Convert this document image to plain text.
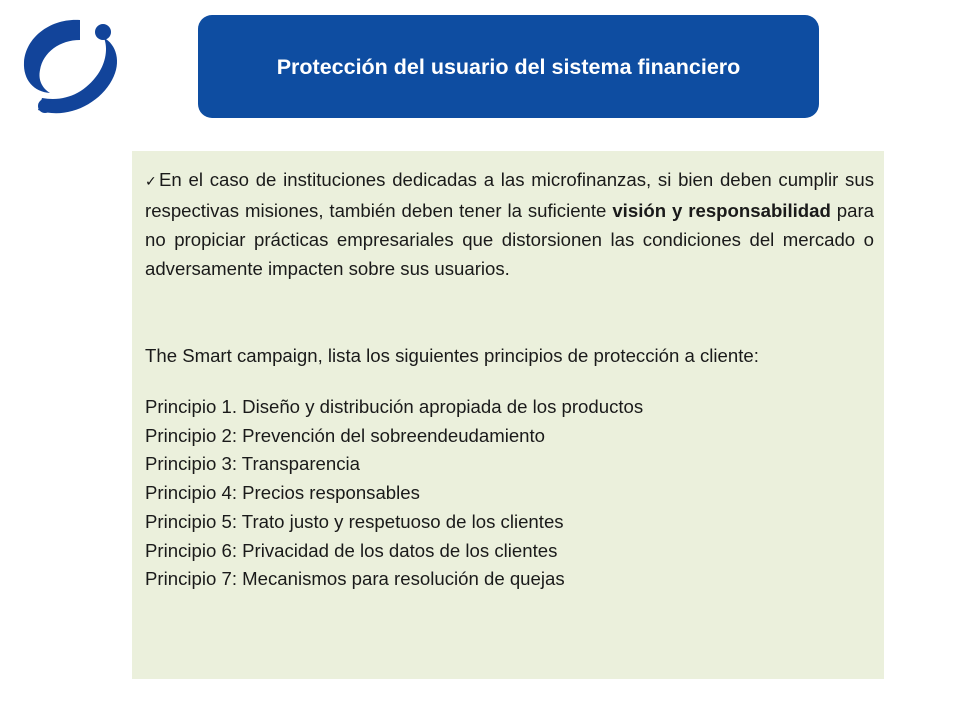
Protección del usuario del sistema financiero

✓ En el caso de instituciones dedicadas a las microfinanzas, si bien deben cumplir sus respectivas misiones, también deben tener la suficiente visión y responsabilidad para no propiciar prácticas empresariales que distorsionen las condiciones del mercado o adversamente impacten sobre sus usuarios.

The Smart campaign, lista los siguientes principios de protección a cliente:

Principio 1. Diseño y distribución apropiada de los productos

Principio 2: Prevención del sobreendeudamiento

Principio 3: Transparencia

Principio 4: Precios responsables

Principio 5: Trato justo y respetuoso de los clientes

Principio 6: Privacidad de los datos de los clientes

Principio 7: Mecanismos para resolución de quejas
